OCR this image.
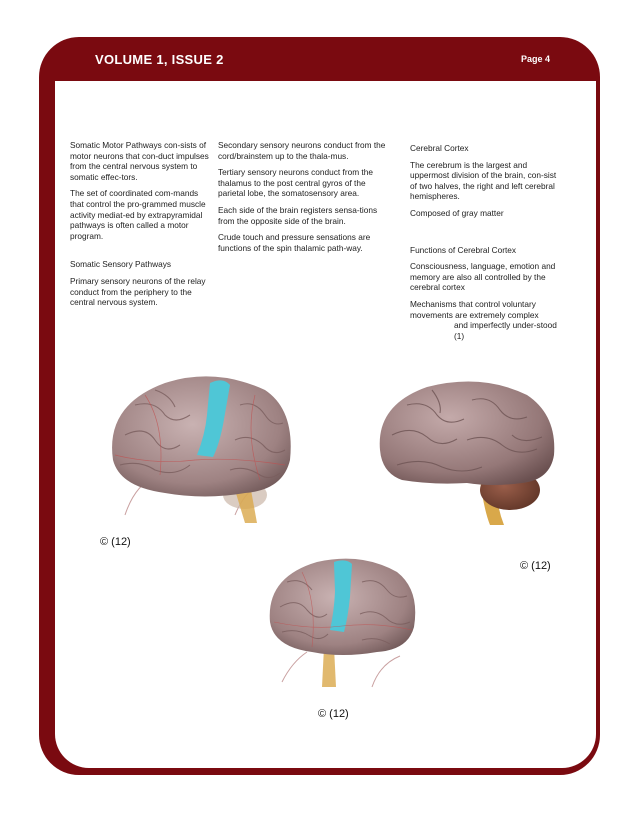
VOLUME 1, ISSUE 2	Page 4

Somatic Motor Pathways con-sists of motor neurons that con-duct impulses from the central nervous system to somatic effec-tors.

The set of coordinated com-mands that control the pro-grammed muscle activity mediat-ed by extrapyramidal pathways is often called a motor program.

Somatic Sensory Pathways

Primary sensory neurons of the relay conduct from the periphery to the central nervous system.

Secondary sensory neurons conduct from the cord/brainstem up to the thala-mus.

Tertiary sensory neurons conduct from the thalamus to the post central gyros of the parietal lobe, the somatosensory area.

Each side of the brain registers sensa-tions from the opposite side of the brain.

Crude touch and pressure sensations are functions of the spin thalamic path-way.

Cerebral Cortex

The cerebrum is the largest and uppermost division of the brain, con-sist of two halves, the right and left cerebral hemispheres.

Composed of gray matter

Functions of Cerebral Cortex

Consciousness, language, emotion and memory are also all controlled by the cerebral cortex

Mechanisms that control voluntary movements are extremely complex

and imperfectly under-stood (1)

© (12)
© (12)
© (12)
